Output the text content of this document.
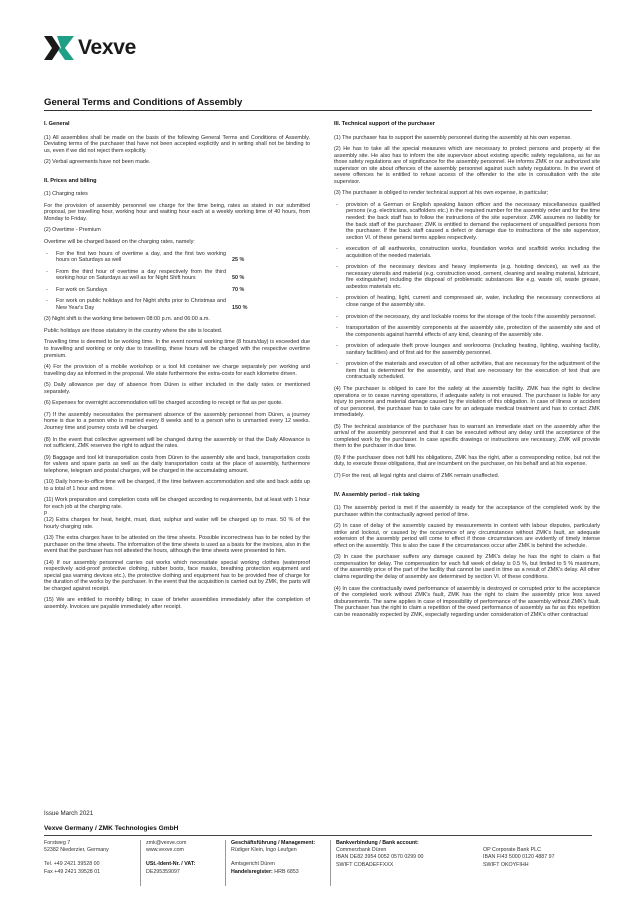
Vexve
General Terms and Conditions of Assembly
I. General

(1) All assemblies shall be made on the basis of the following General Terms and Conditions of Assembly. Deviating terms of the purchaser that have not been accepted explicitly and in writing shall not be binding to us, even if we did not reject them explicitly.

(2) Verbal agreements have not been made.

II. Prices and billing

(1) Charging rates

For the provision of assembly personnel we charge for the time being, rates as stated in our submitted proposal, per travelling hour, working hour and waiting hour each at a weekly working time of 40 hours, from Monday to Friday.

(2) Overtime - Premium

Overtime will be charged based on the charging rates, namely:

- For the first two hours of overtime a day, and the first two working hours on Saturdays as well	25 %
- From the third hour of overtime a day respectively from the third working hour on Saturdays as well as for Night Shift hours	50 %
- For work on Sundays	70 %
- For work on public holidays and for Night shifts prior to Christmas and New Year's Day	150 %

(3) Night shift is the working time between 08:00 p.m. and 06:00 a.m.

Public holidays are those statutory in the country where the site is located.

Travelling time is deemed to be working time. In the event normal working time (8 hours/day) is exceeded due to travelling and working or only due to travelling, these hours will be charged with the respective overtime premium.

(4) For the provision of a mobile workshop or a tool kit container we charge separately per working and travelling day as informed in the proposal. We state furthermore the extra-costs for each kilometre driven.

(5) Daily allowance per day of absence from Düren is either included in the daily rates or mentioned separately.

(6) Expenses for overnight accommodation will be charged according to receipt or flat as per quote.

(7) If the assembly necessitates the permanent absence of the assembly personnel from Düren, a journey home is due to a person who is married every 8 weeks and to a person who is unmarried every 12 weeks. Journey time and journey costs will be charged.

(8) In the event that collective agreement will be changed during the assembly or that the Daily Allowance is not sufficient, ZMK reserves the right to adjust the rates.

(9) Baggage and tool kit transportation costs from Düren to the assembly site and back, transportation costs for valves and spare parts as well as the daily transportation costs at the place of assembly, furthermore telephone, telegram and postal charges, will be charged in the accumulating amount.

(10) Daily home-to-office time will be charged, if the time between accommodation and site and back adds up to a total of 1 hour and more.

(11) Work preparation and completion costs will be charged according to requirements, but at least with 1 hour for each job at the charging rate.

p

(12) Extra charges for heat, height, must, dust, sulphur and water will be charged up to max. 50 % of the hourly charging rate.

(13) The extra charges have to be attested on the time sheets. Possible incorrectness has to be noted by the purchaser on the time sheets. The information of the time sheets is used as a basis for the invoices, also in the event that the purchaser has not attested the hours, although the time sheets were presented to him.

(14) If our assembly personnel carries out works which necessitate special working clothes (waterproof respectively acid-proof protective clothing, rubber boots, face masks, breathing protection equipment and special gas warning devices etc.), the protective clothing and equipment has to be provided free of charge for the duration of the works by the purchaser. In the event that the acquisition is carried out by ZMK, the parts will be charged against receipt.

(15) We are entitled to monthly billing; in case of briefer assemblies immediately after the completion of assembly. Invoices are payable immediately after receipt.

III. Technical support of the purchaser

(1) The purchaser has to support the assembly personnel during the assembly at his own expense.

(2) He has to take all the special measures which are necessary to protect persons and property at the assembly site. He also has to inform the site supervisor about existing specific safety regulations, as far as those safety regulations are of significance for the assembly personnel. He informs ZMK or our authorized site supervisor on site about offences of the assembly personnel against such safety regulations. In the event of severe offences he is entitled to refuse access of the offender to the site in consultation with the site supervisor.

(3) The purchaser is obliged to render technical support at his own expense, in particular;

- provision of a German or English speaking liaison officer and the necessary miscellaneous qualified persons (e.g. electricians, scaffolders etc.) in the required number for the assembly order and for the time needed; the back staff has to follow the instructions of the site supervisor. ZMK assumes no liability for the back staff of the purchaser; ZMK is entitled to demand the replacement of unqualified persons from the purchaser. If the back staff caused a defect or damage due to instructions of the site supervisor, section VI. of these general terms applies respectively.
- execution of all earthworks, construction works, foundation works and scaffold works including the acquisition of the needed materials.
- provision of the necessary devices and heavy implements (e.g. hoisting devices), as well as the necessary utensils and material (e.g. construction wood, cement, cleaning and sealing material, lubricant, fire extinguisher) including the disposal of problematic substances like e.g. waste oil, waste grease, asbestos materials etc.
- provision of heating, light, current and compressed air, water, including the necessary connections at close range of the assembly site.
- provision of the necessary, dry and lockable rooms for the storage of the tools f the assembly personnel.
- transportation of the assembly components at the assembly site, protection of the assembly site and of the components against harmful effects of any kind, cleaning of the assembly site.
- provision of adequate theft prove lounges and workrooms (including heating, lighting, washing facility, sanitary facilities) and of first aid for the assembly personnel.
- provision of the materials and execution of all other activities, that are necessary for the adjustment of the item that is determined for the assembly, and that are necessary for the execution of test that are contractually scheduled.

(4) The purchaser is obliged to care for the safety at the assembly facility. ZMK has the right to decline operations or to cease running operations, if adequate safety is not ensured. The purchaser is liable for any injury to persons and material damage caused by the violation of this obligation. In case of illness or accident of our personnel, the purchaser has to take care for an adequate medical treatment and has to contact ZMK immediately.

(5) The technical assistance of the purchaser has to warrant an immediate start on the assembly after the arrival of the assembly personnel and that it can be executed without any delay until the acceptance of the completed work by the purchaser. In case specific drawings or instructions are necessary, ZMK will provide them to the purchaser in due time.

(6) If the purchaser does not fulfil his obligations, ZMK has the right, after a corresponding notice, but not the duty, to execute those obligations, that are incumbent on the purchaser, on his behalf and at his expense.

(7) For the rest, all legal rights and claims of ZMK remain unaffected.

IV. Assembly period - risk taking

(1) The assembly period is met if the assembly is ready for the acceptance of the completed work by the purchaser within the contractually agreed period of time.

(2) In case of delay of the assembly caused by measurements in context with labour disputes, particularly strike and lockout, or caused by the occurrence of any circumstances without ZMK's fault, an adequate extension of the assembly period will come to effect if those circumstances are evidently of timely intense effect on the assembly. This is also the case if the circumstances occur after ZMK is behind the schedule.

(3) In case the purchaser suffers any damage caused by ZMK's delay he has the right to claim a flat compensation for delay. The compensation for each full week of delay is 0.5 %, but limited to 5 % maximum, of the assembly price of the part of the facility that cannot be used in time as a result of ZMK's delay. All other claims regarding the delay of assembly are determined by section VI. of these conditions.

(4) In case the contractually owed performance of assembly is destroyed or corrupted prior to the acceptance of the completed work without ZMK's fault, ZMK has the right to claim the assembly price less saved disbursements. The same applies in case of impossibility of performance of the assembly without ZMK's fault. The purchaser has the right to claim a repetition of the owed performance of assembly as far as this repetition can be reasonably expected by ZMK, especially regarding under consideration of ZMK's other contractual

Issue March 2021
Vexve Germany / ZMK Technologies GmbH
Forstweg 7
52382 Niederzier, Germany
Tel. +49 2421 39528 00
Fax +49 2421 39528 01
zmk@vexve.com
www.vexve.com
USt.-Ident-Nr. / VAT:
DE295359097
Geschäftsführung / Management:
Rüdiger Klein, Ingo Leufgen
Amtsgericht Düren
Handelsregister: HRB 6853
Bankverbindung / Bank account:
Commerzbank Düren
IBAN DE82 3954 0052 0570 0299 00
SWIFT COBADEFFXXX

OP Corporate Bank PLC
IBAN FI43 5000 0120 4887 97
SWIFT OKOYFIHH
